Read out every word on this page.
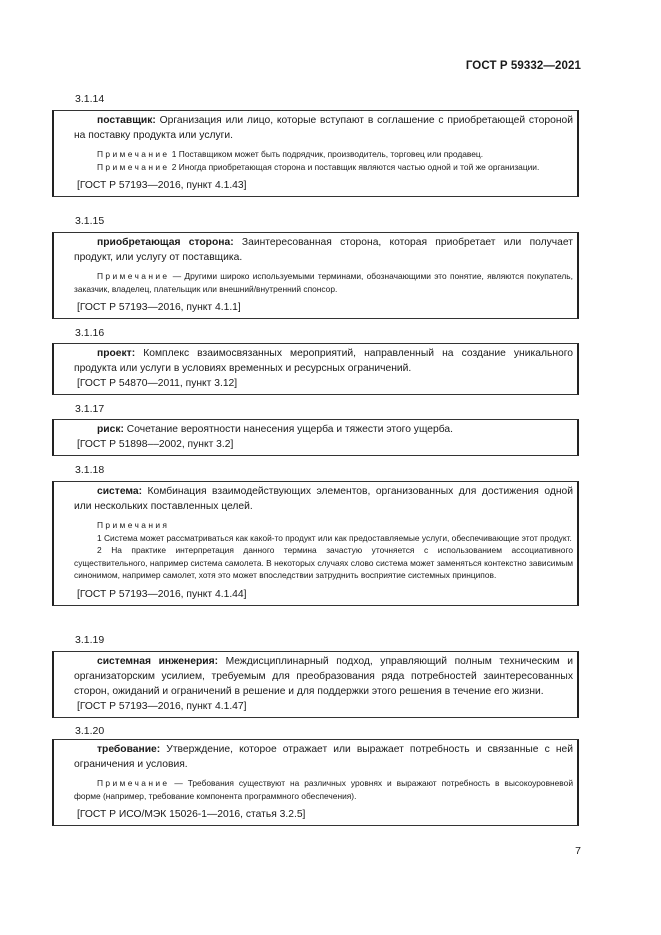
ГОСТ Р 59332—2021
3.1.14

поставщик: Организация или лицо, которые вступают в соглашение с приобретающей стороной на поставку продукта или услуги.

Примечание 1 Поставщиком может быть подрядчик, производитель, торговец или продавец.

Примечание 2 Иногда приобретающая сторона и поставщик являются частью одной и той же организации.

[ГОСТ Р 57193—2016, пункт 4.1.43]

3.1.15

приобретающая сторона: Заинтересованная сторона, которая приобретает или получает продукт, или услугу от поставщика.

Примечание — Другими широко используемыми терминами, обозначающими это понятие, являются покупатель, заказчик, владелец, плательщик или внешний/внутренний спонсор.

[ГОСТ Р 57193—2016, пункт 4.1.1]

3.1.16

проект: Комплекс взаимосвязанных мероприятий, направленный на создание уникального продукта или услуги в условиях временных и ресурсных ограничений.

[ГОСТ Р 54870—2011, пункт 3.12]

3.1.17

риск: Сочетание вероятности нанесения ущерба и тяжести этого ущерба.

[ГОСТ Р 51898––2002, пункт 3.2]

3.1.18

система: Комбинация взаимодействующих элементов, организованных для достижения одной или нескольких поставленных целей.

Примечания

1 Система может рассматриваться как какой-то продукт или как предоставляемые услуги, обеспечивающие этот продукт.

2 На практике интерпретация данного термина зачастую уточняется с использованием ассоциативного существительного, например система самолета. В некоторых случаях слово система может заменяться контекстно зависимым синонимом, например самолет, хотя это может впоследствии затруднить восприятие системных принципов.

[ГОСТ Р 57193—2016, пункт 4.1.44]

3.1.19

системная инженерия: Междисциплинарный подход, управляющий полным техническим и организаторским усилием, требуемым для преобразования ряда потребностей заинтересованных сторон, ожиданий и ограничений в решение и для поддержки этого решения в течение его жизни.

[ГОСТ Р 57193—2016, пункт 4.1.47]

3.1.20

требование: Утверждение, которое отражает или выражает потребность и связанные с ней ограничения и условия.

Примечание — Требования существуют на различных уровнях и выражают потребность в высокоуровневой форме (например, требование компонента программного обеспечения).

[ГОСТ Р ИСО/МЭК 15026-1—2016, статья 3.2.5]

7
